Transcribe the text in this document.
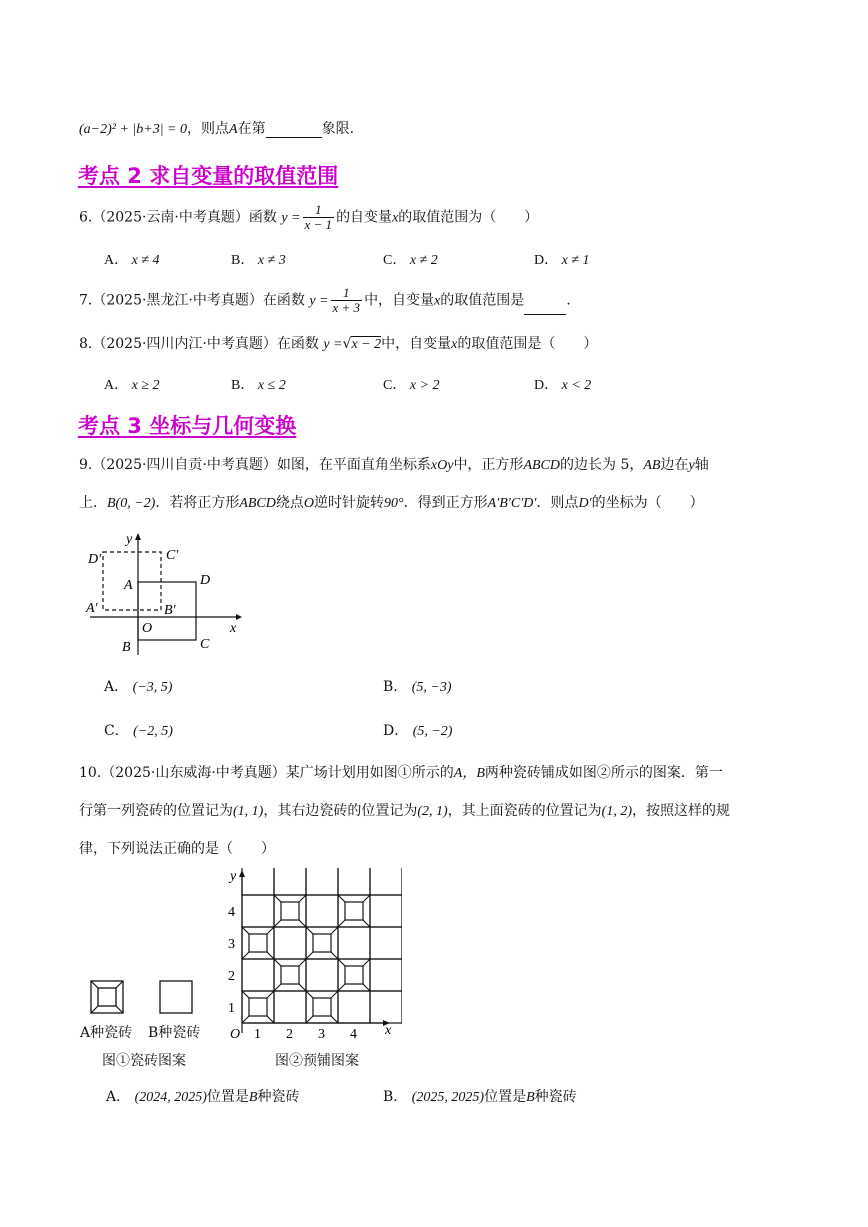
(a−2)² + |b+3| = 0，则点A在第	象限.
考点 2 求自变量的取值范围
6.（2025·云南·中考真题）函数 $y = \frac{1}{x - 1}$ 的自变量x的取值范围为（　　）
A． x ≠ 4	B． x ≠ 3	C． x ≠ 2	D． x ≠ 1
7.（2025·黑龙江·中考真题）在函数 $y = \frac{1}{x + 3}$ 中，自变量x的取值范围是	.
8.（2025·四川内江·中考真题）在函数 y =√x − 2中，自变量x的取值范围是（　　）
A． x ≥ 2	B． x ≤ 2	C． x > 2	D． x < 2
考点 3 坐标与几何变换
9.（2025·四川自贡·中考真题）如图，在平面直角坐标系xOy中，正方形ABCD的边长为 5，AB边在y轴
上．B(0, −2)．若将正方形ABCD绕点O逆时针旋转90°．得到正方形A′B′C′D′．则点D′的坐标为（　　）
D′	C′
y
A	D
A′	B′
O	x
B	C
A． (−3, 5)	B． (5, −3)
C． (−2, 5)	D． (5, −2)
10.（2025·山东威海·中考真题）某广场计划用如图①所示的A，B两种瓷砖铺成如图②所示的图案．第一
行第一列瓷砖的位置记为(1, 1)，其右边瓷砖的位置记为(2, 1)，其上面瓷砖的位置记为(1, 2)，按照这样的规
律，下列说法正确的是（　　）
A种瓷砖 B种瓷砖
图①瓷砖图案
y
x
O 1
1
2
2
3
3
4
4
图②预铺图案
A． (2024, 2025)位置是B种瓷砖	B． (2025, 2025)位置是B种瓷砖
